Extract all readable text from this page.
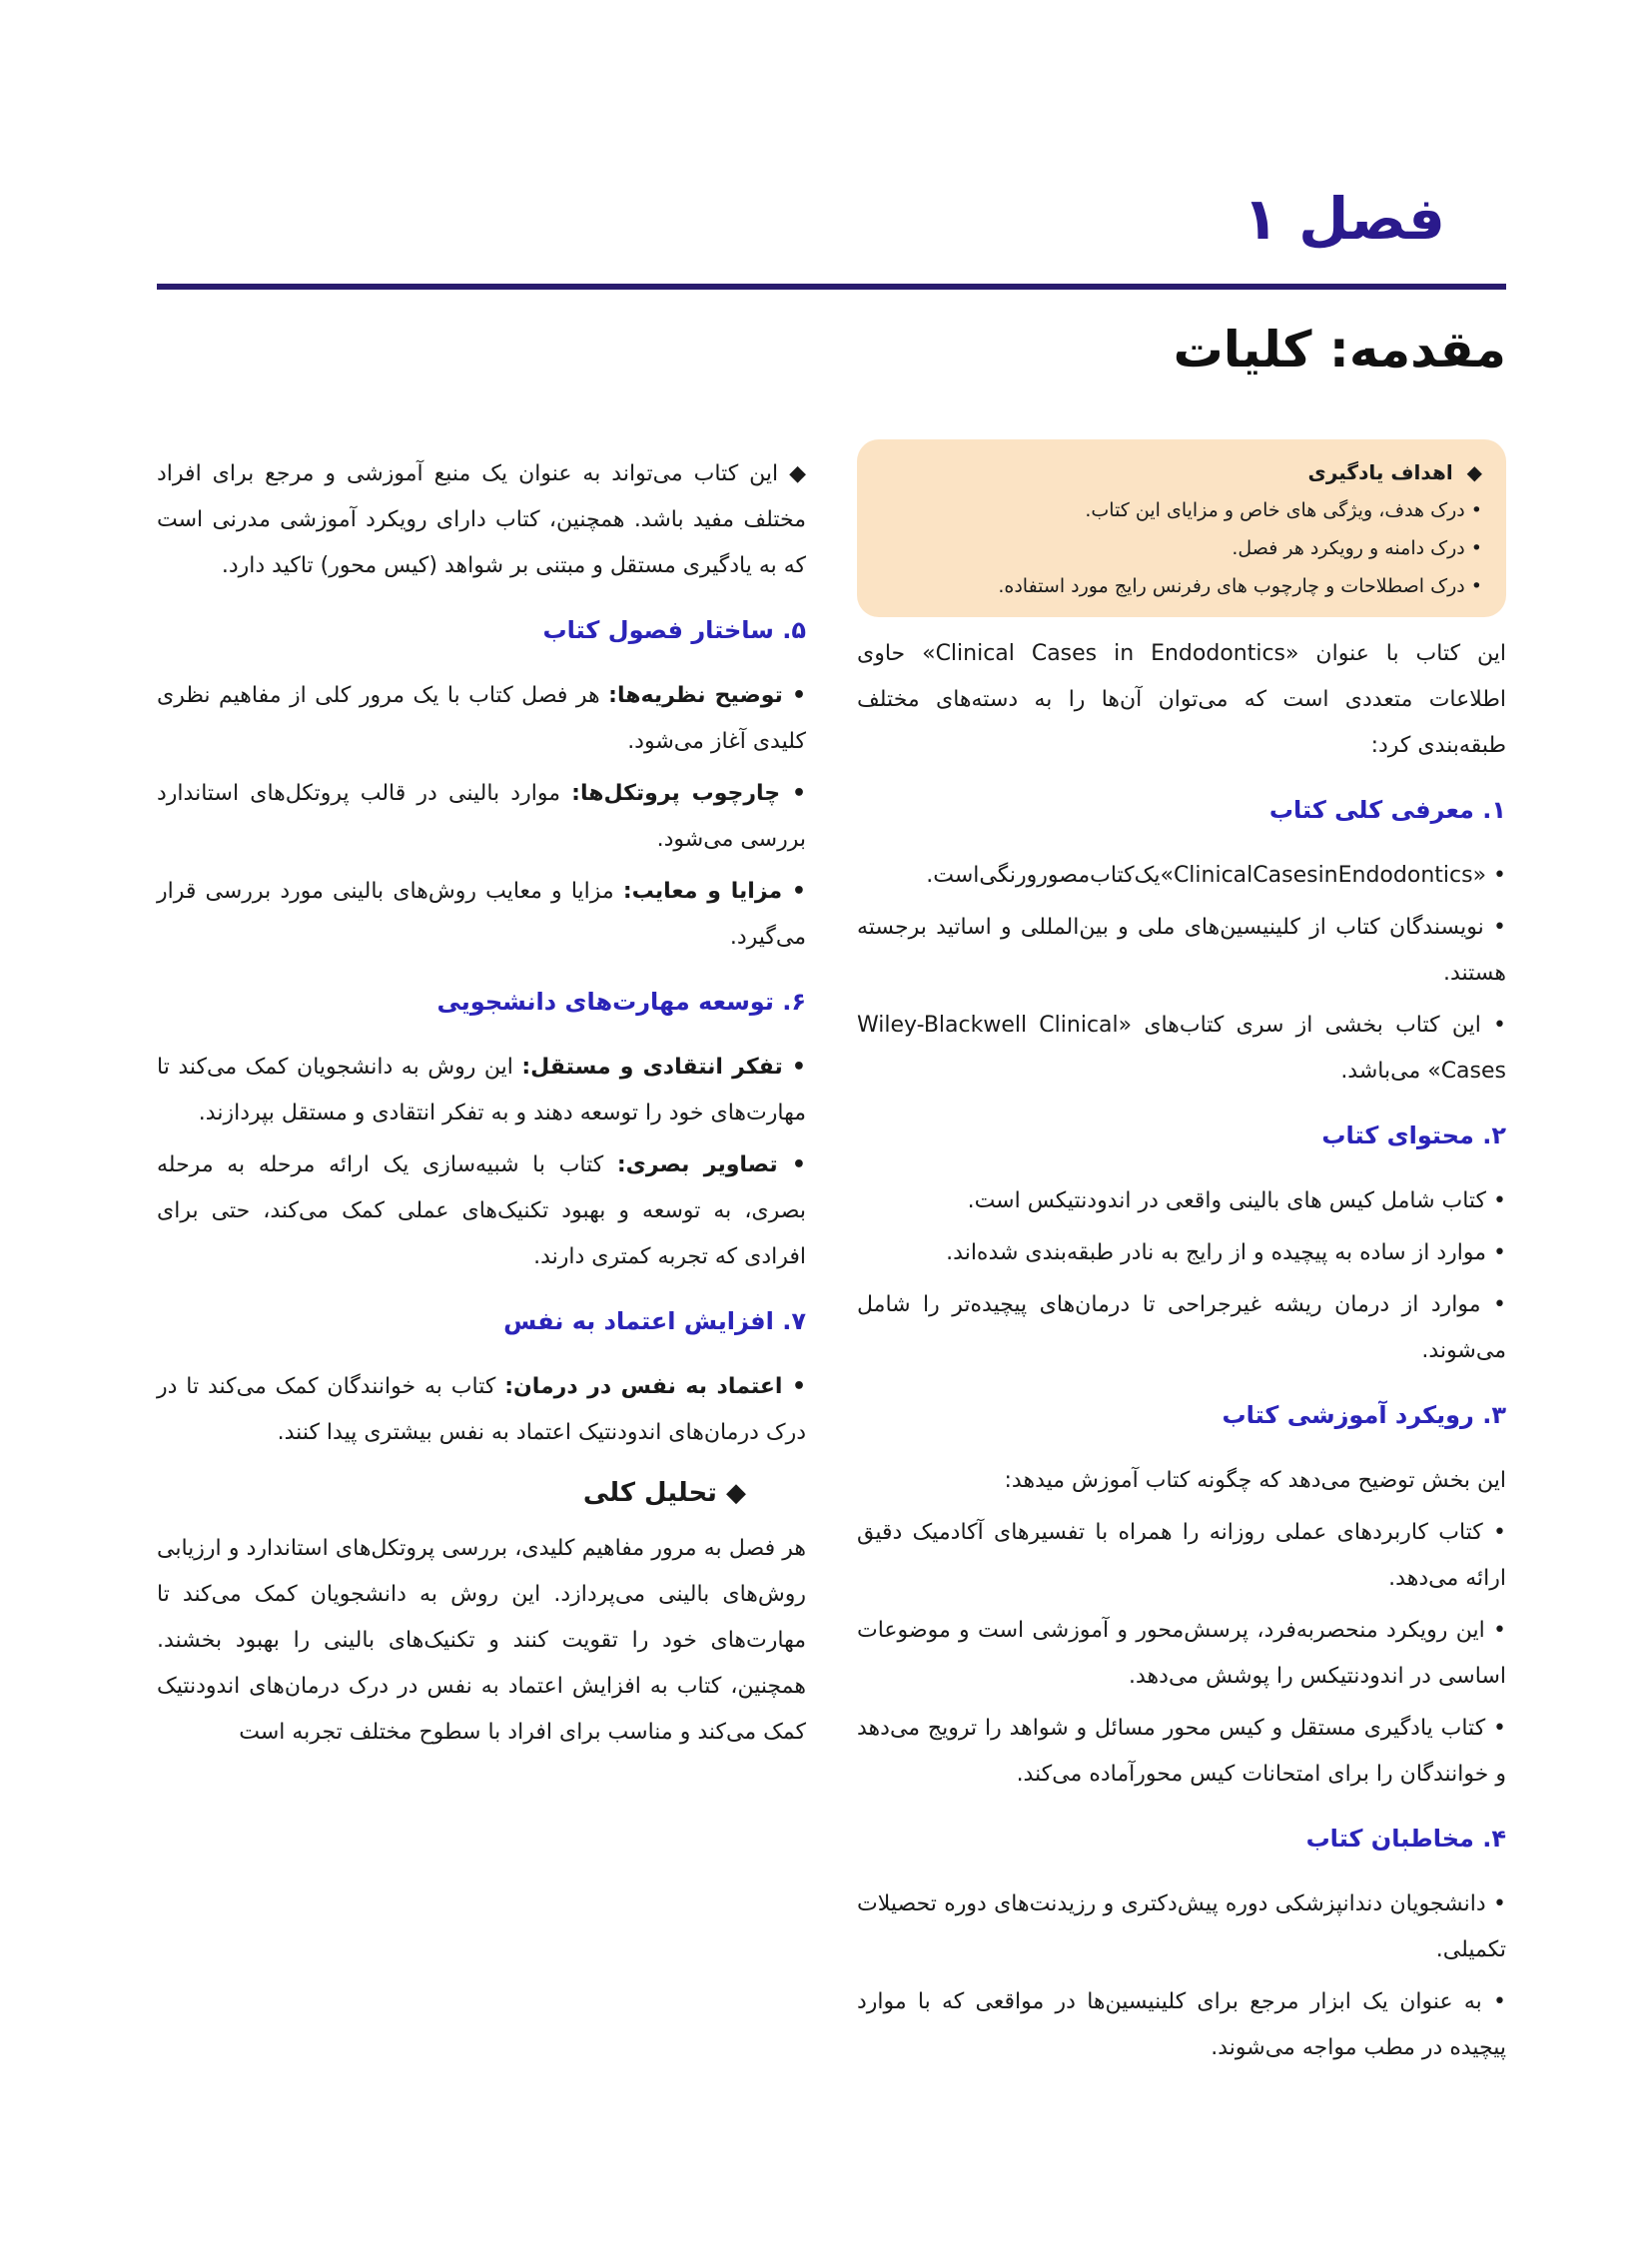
فصل ۱
مقدمه: کلیات
◆  اهداف یادگیری
• درک هدف، ویژگی های خاص و مزایای این کتاب.
• درک دامنه و رویکرد هر فصل.
• درک اصطلاحات و چارچوب های رفرنس رایج مورد استفاده.

این کتاب با عنوان «Clinical Cases in Endodontics» حاوی اطلاعات متعددی است که می‌توان آن‌ها را به دسته‌های مختلف طبقه‌بندی کرد:

۱. معرفی کلی کتاب

• «ClinicalCasesinEndodontics»یک‌کتاب‌مصورورنگی‌است.

• نویسندگان کتاب از کلینیسین‌های ملی و بین‌المللی و اساتید برجسته هستند.

• این کتاب بخشی از سری کتاب‌های «Wiley-Blackwell Clinical Cases» می‌باشد.

۲. محتوای کتاب

• کتاب شامل کیس های بالینی واقعی در اندودنتیکس است.

• موارد از ساده به پیچیده و از رایج به نادر طبقه‌بندی شده‌اند.

• موارد از درمان ریشه غیرجراحی تا درمان‌های پیچیده‌تر را شامل می‌شوند.

۳. رویکرد آموزشی کتاب

این بخش توضیح می‌دهد که چگونه کتاب آموزش میدهد:

• کتاب کاربردهای عملی روزانه را همراه با تفسیرهای آکادمیک دقیق ارائه می‌دهد.

• این رویکرد منحصربه‌فرد، پرسش‌محور و آموزشی است و موضوعات اساسی در اندودنتیکس را پوشش می‌دهد.

• کتاب یادگیری مستقل و کیس محور مسائل و شواهد را ترویج می‌دهد و خوانندگان را برای امتحانات کیس محورآماده می‌کند.

۴. مخاطبان کتاب

• دانشجویان دندانپزشکی دوره پیش‌دکتری و رزیدنت‌های دوره تحصیلات تکمیلی.

• به عنوان یک ابزار مرجع برای کلینیسین‌ها در مواقعی که با موارد پیچیده در مطب مواجه می‌شوند.

◆ این کتاب می‌تواند به عنوان یک منبع آموزشی و مرجع برای افراد مختلف مفید باشد. همچنین، کتاب دارای رویکرد آموزشی مدرنی است که به یادگیری مستقل و مبتنی بر شواهد (کیس محور) تاکید دارد.

۵. ساختار فصول کتاب

• توضیح نظریه‌ها: هر فصل کتاب با یک مرور کلی از مفاهیم نظری کلیدی آغاز می‌شود.

• چارچوب پروتکل‌ها: موارد بالینی در قالب پروتکل‌های استاندارد بررسی می‌شود.

• مزایا و معایب: مزایا و معایب روش‌های بالینی مورد بررسی قرار می‌گیرد.

۶. توسعه مهارت‌های دانشجویی

• تفکر انتقادی و مستقل: این روش به دانشجویان کمک می‌کند تا مهارت‌های خود را توسعه دهند و به تفکر انتقادی و مستقل بپردازند.

• تصاویر بصری: کتاب با شبیه‌سازی یک ارائه مرحله به مرحله بصری، به توسعه و بهبود تکنیک‌های عملی کمک می‌کند، حتی برای افرادی که تجربه کمتری دارند.

۷. افزایش اعتماد به نفس

• اعتماد به نفس در درمان: کتاب به خوانندگان کمک می‌کند تا در درک درمان‌های اندودنتیک اعتماد به نفس بیشتری پیدا کنند.

◆ تحلیل کلی

هر فصل به مرور مفاهیم کلیدی، بررسی پروتکل‌های استاندارد و ارزیابی روش‌های بالینی می‌پردازد. این روش به دانشجویان کمک می‌کند تا مهارت‌های خود را تقویت کنند و تکنیک‌های بالینی را بهبود بخشند. همچنین، کتاب به افزایش اعتماد به نفس در درک درمان‌های اندودنتیک کمک می‌کند و مناسب برای افراد با سطوح مختلف تجربه است
